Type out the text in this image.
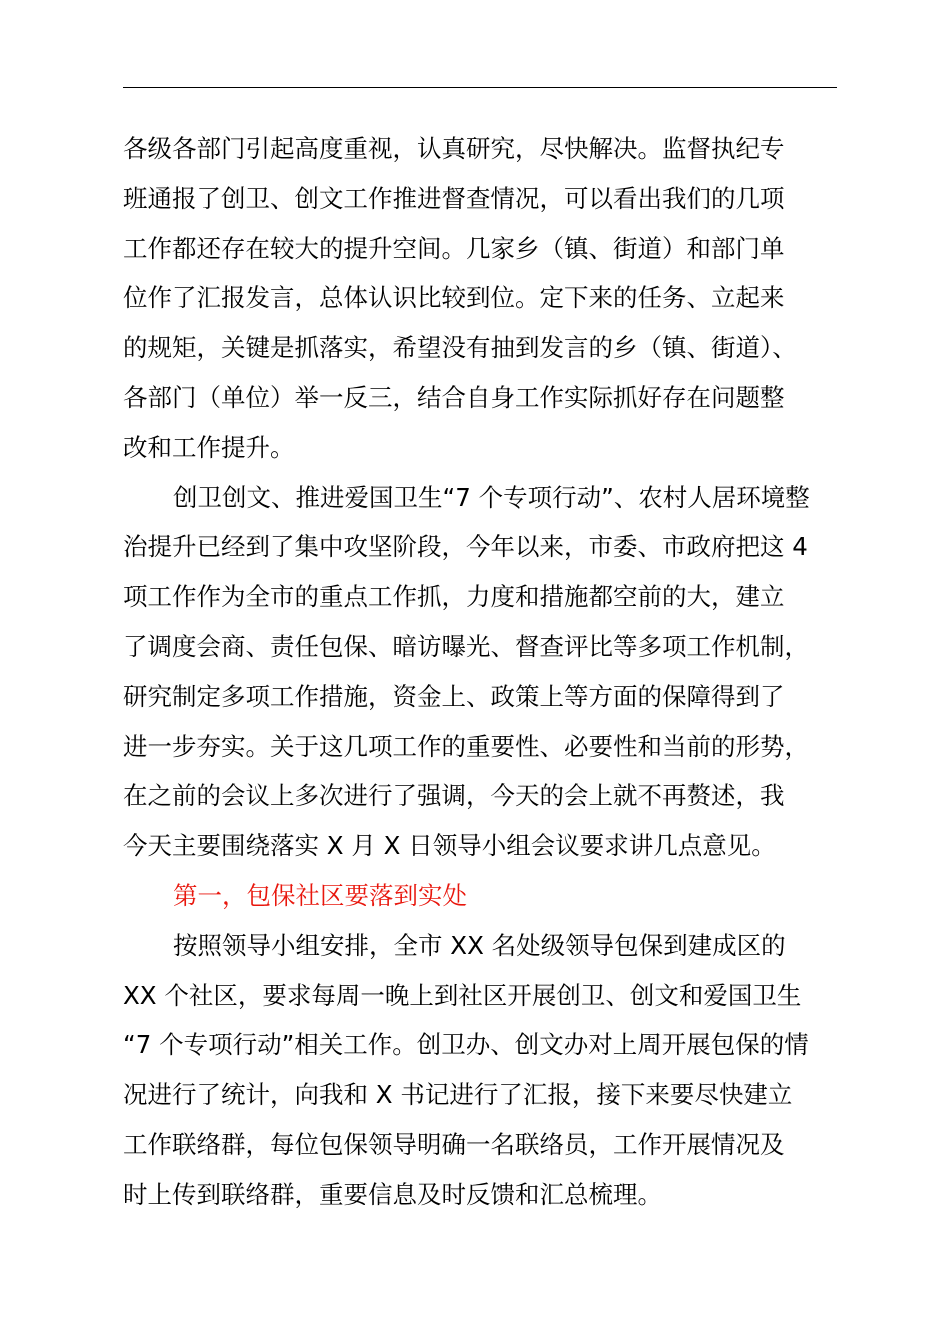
各级各部门引起高度重视，认真研究，尽快解决。监督执纪专
班通报了创卫、创文工作推进督查情况，可以看出我们的几项
工作都还存在较大的提升空间。几家乡（镇、街道）和部门单
位作了汇报发言，总体认识比较到位。定下来的任务、立起来
的规矩，关键是抓落实，希望没有抽到发言的乡（镇、街道）、
各部门（单位）举一反三，结合自身工作实际抓好存在问题整
改和工作提升。
创卫创文、推进爱国卫生“7 个专项行动”、农村人居环境整
治提升已经到了集中攻坚阶段，今年以来，市委、市政府把这 4
项工作作为全市的重点工作抓，力度和措施都空前的大，建立
了调度会商、责任包保、暗访曝光、督查评比等多项工作机制，
研究制定多项工作措施，资金上、政策上等方面的保障得到了
进一步夯实。关于这几项工作的重要性、必要性和当前的形势，
在之前的会议上多次进行了强调，今天的会上就不再赘述，我
今天主要围绕落实 X 月 X 日领导小组会议要求讲几点意见。
第一，包保社区要落到实处
按照领导小组安排，全市 XX 名处级领导包保到建成区的
XX 个社区，要求每周一晚上到社区开展创卫、创文和爱国卫生
“7 个专项行动”相关工作。创卫办、创文办对上周开展包保的情
况进行了统计，向我和 X 书记进行了汇报，接下来要尽快建立
工作联络群，每位包保领导明确一名联络员，工作开展情况及
时上传到联络群，重要信息及时反馈和汇总梳理。
